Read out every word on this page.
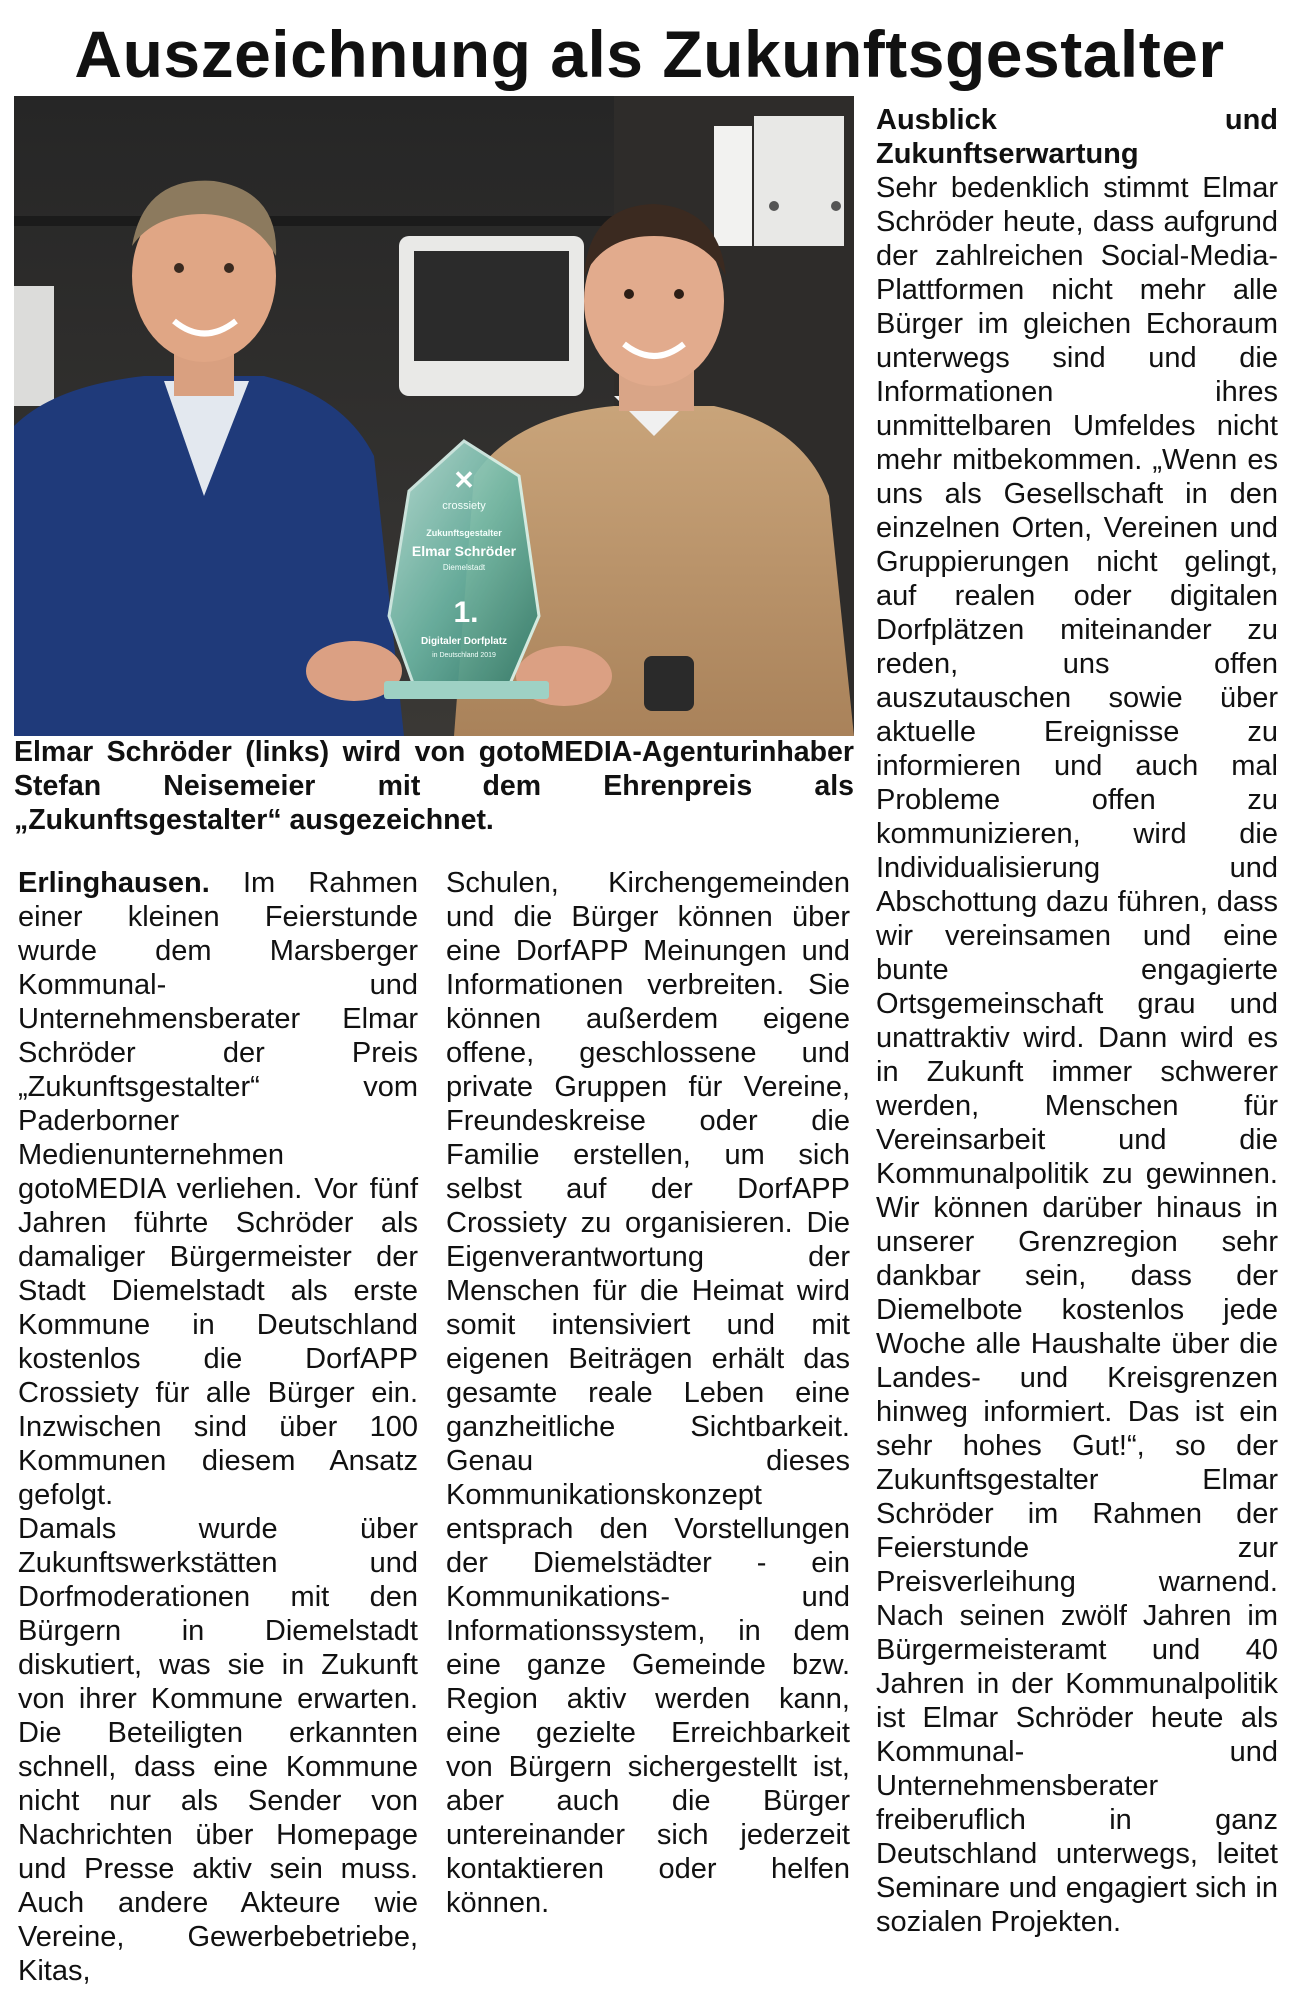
Auszeichnung als Zukunftsgestalter
✕
crossiety
Zukunftsgestalter
Elmar Schröder
Diemelstadt
1.
Digitaler Dorfplatz
in Deutschland 2019
Elmar Schröder (links) wird von gotoMEDIA-Agenturinhaber Stefan Neisemeier mit dem Ehrenpreis als „Zukunftsgestalter“ ausgezeichnet.

Erlinghausen. Im Rahmen einer kleinen Feierstunde wurde dem Marsberger Kommunal- und Unternehmensberater Elmar Schröder der Preis „Zukunftsgestalter“ vom Paderborner Medienunternehmen gotoMEDIA verliehen. Vor fünf Jahren führte Schröder als damaliger Bürgermeister der Stadt Diemelstadt als erste Kommune in Deutschland kostenlos die DorfAPP Crossiety für alle Bürger ein. Inzwischen sind über 100 Kommunen diesem Ansatz gefolgt.

Damals wurde über Zukunftswerkstätten und Dorfmoderationen mit den Bürgern in Diemelstadt diskutiert, was sie in Zukunft von ihrer Kommune erwarten. Die Beteiligten erkannten schnell, dass eine Kommune nicht nur als Sender von Nachrichten über Homepage und Presse aktiv sein muss. Auch andere Akteure wie Vereine, Gewerbebetriebe, Kitas,

Schulen, Kirchengemeinden und die Bürger können über eine DorfAPP Meinungen und Informationen verbreiten. Sie können außerdem eigene offene, geschlossene und private Gruppen für Vereine, Freundeskreise oder die Familie erstellen, um sich selbst auf der DorfAPP Crossiety zu organisieren. Die Eigenverantwortung der Menschen für die Heimat wird somit intensiviert und mit eigenen Beiträgen erhält das gesamte reale Leben eine ganzheitliche Sichtbarkeit. Genau dieses Kommunikationskonzept entsprach den Vorstellungen der Diemelstädter - ein Kommunikations- und Informationssystem, in dem eine ganze Gemeinde bzw. Region aktiv werden kann, eine gezielte Erreichbarkeit von Bürgern sichergestellt ist, aber auch die Bürger untereinander sich jederzeit kontaktieren oder helfen können.

Ausblick und Zukunftserwartung

Sehr bedenklich stimmt Elmar Schröder heute, dass aufgrund der zahlreichen Social-Media-Plattformen nicht mehr alle Bürger im gleichen Echoraum unterwegs sind und die Informationen ihres unmittelbaren Umfeldes nicht mehr mitbekommen. „Wenn es uns als Gesellschaft in den einzelnen Orten, Vereinen und Gruppierungen nicht gelingt, auf realen oder digitalen Dorfplätzen miteinander zu reden, uns offen auszutauschen sowie über aktuelle Ereignisse zu informieren und auch mal Probleme offen zu kommunizieren, wird die Individualisierung und Abschottung dazu führen, dass wir vereinsamen und eine bunte engagierte Ortsgemeinschaft grau und unattraktiv wird. Dann wird es in Zukunft immer schwerer werden, Menschen für Vereinsarbeit und die Kommunalpolitik zu gewinnen. Wir können darüber hinaus in unserer Grenzregion sehr dankbar sein, dass der Diemelbote kostenlos jede Woche alle Haushalte über die Landes- und Kreisgrenzen hinweg informiert. Das ist ein sehr hohes Gut!“, so der Zukunftsgestalter Elmar Schröder im Rahmen der Feierstunde zur Preisverleihung warnend. Nach seinen zwölf Jahren im Bürgermeisteramt und 40 Jahren in der Kommunalpolitik ist Elmar Schröder heute als Kommunal- und Unternehmensberater freiberuflich in ganz Deutschland unterwegs, leitet Seminare und engagiert sich in sozialen Projekten.
